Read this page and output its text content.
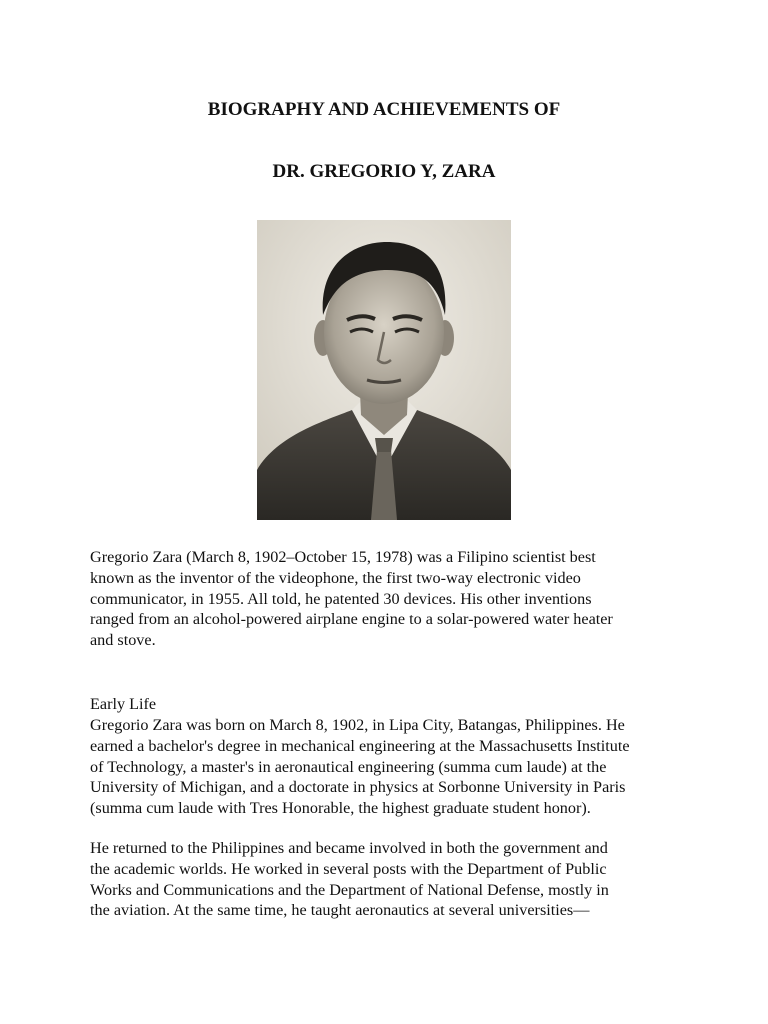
BIOGRAPHY AND ACHIEVEMENTS OF
DR. GREGORIO Y, ZARA

Gregorio Zara (March 8, 1902–October 15, 1978) was a Filipino scientist best
known as the inventor of the videophone, the first two-way electronic video
communicator, in 1955. All told, he patented 30 devices. His other inventions
ranged from an alcohol-powered airplane engine to a solar-powered water heater
and stove.

Early Life

Gregorio Zara was born on March 8, 1902, in Lipa City, Batangas, Philippines. He
earned a bachelor's degree in mechanical engineering at the Massachusetts Institute
of Technology, a master's in aeronautical engineering (summa cum laude) at the
University of Michigan, and a doctorate in physics at Sorbonne University in Paris
(summa cum laude with Tres Honorable, the highest graduate student honor).

He returned to the Philippines and became involved in both the government and
the academic worlds. He worked in several posts with the Department of Public
Works and Communications and the Department of National Defense, mostly in
the aviation. At the same time, he taught aeronautics at several universities—
